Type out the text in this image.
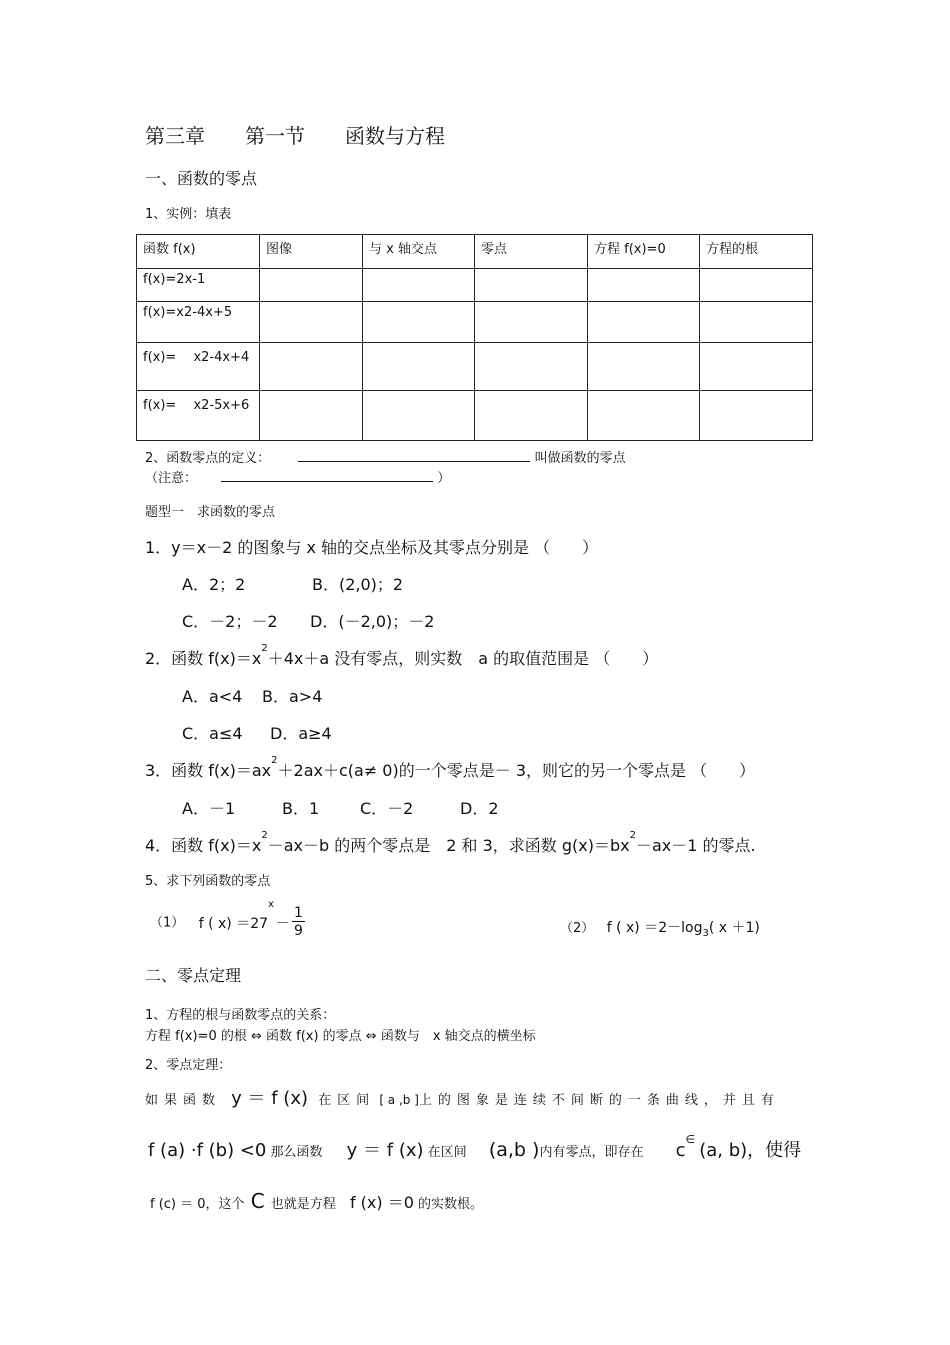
第三章　　第一节　　函数与方程
一、函数的零点
1、实例：填表
函数 f(x)	图像	与 x 轴交点	零点	方程 f(x)=0	方程的根
f(x)=2x-1					
f(x)=x2-4x+5					
f(x)=　 x2-4x+4					
f(x)=　 x2-5x+6					
2、函数零点的定义：	叫做函数的零点
（注意：	）
题型一　求函数的零点
1．y＝x－2 的图象与 x 轴的交点坐标及其零点分别是 （　　）
A．2；2	B．(2,0)；2
C．－2；－2 D．(－2,0)；－2
2．函数 $f(x)=x^2+4x+a$ 没有零点，则实数　a 的取值范围是 （　　）
A．a<4 B．a>4
C．a≤4 D．a≥4
3．函数 $f(x)=ax^2+2ax+c(a\ne 0)$的一个零点是－ 3，则它的另一个零点是 （　　）
A．－1	B．1	C．－2	D．2
4．函数 $f(x)=x^2-ax-b$ 的两个零点是　2 和 3，求函数 $g(x)=bx^2-ax-1$ 的零点.
5、求下列函数的零点
（1） f ( $x) =27^x- \frac{1}{9}$	（2） f ( $x) =2-\log_3$( x ＋1)
二、零点定理
1、方程的根与函数零点的关系：
方程 f(x)=0 的根 ⇔ 函数 f(x) 的零点 ⇔ 函数与　x 轴交点的横坐标
2、零点定理：
如果函数 y ＝ f (x) 在区间 [ a ,b ]上的图象是连续不间断的一条曲线，并且有
f (a) ·f (b) <0 那么函数 y ＝ f (x) 在区间 (a,b )内有零点，即存在 c∈ (a, b)，使得
f (c) ＝ 0，这个 C 也就是方程 f (x) ＝0 的实数根。
